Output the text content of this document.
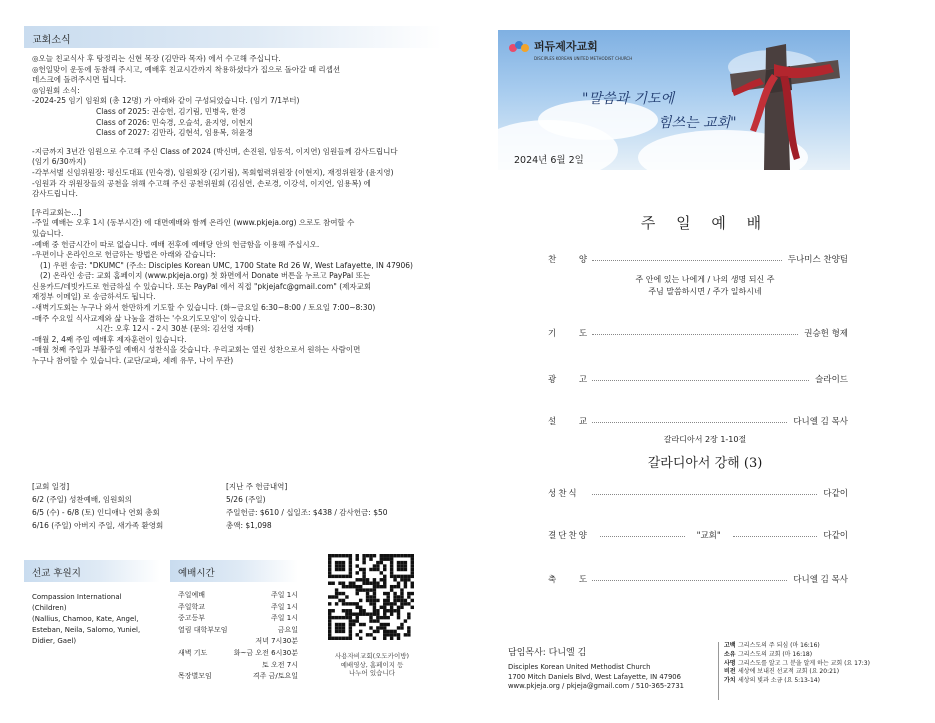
교회소식
◎오늘 친교식사 후 탕정리는 신현 목장 (김만라 목자) 에서 수고해 주십니다.
◎헌일맞이 운동에 동참해 주시고, 예배후 친교시간까지 착용하셨다가 집으로 돌아갈 때 리셉션
데스크에 돌려주시면 됩니다.
◎임원회 소식:
-2024-25 임기 임원회 (총 12명) 가 아래와 같이 구성되었습니다. (임기 7/1부터)
Class of 2025: 권승헌, 김기림, 민병욱, 한경
Class of 2026: 민숙경, 오슬석, 윤지영, 이현지
Class of 2027: 김만라, 김현석, 임용복, 허윤경
-지금까지 3년간 임원으로 수고해 주신 Class of 2024 (박신며, 손진원, 임동석, 이지연) 임원들께 감사드립니다
(임기 6/30까지)
-각부서별 신임위원장: 평신도대표 (민숙경), 임원회장 (김기림), 목회협력위원장 (이현지), 재정위원장 (윤지영)
-임원과 각 위원장들의 공천을 위해 수고해 주신 공천위원회 (김심연, 손로경, 이강석, 이지연, 임용복) 에
감사드립니다.
[우리교회는…]
-주일 예배는 오후 1시 (동부시간) 에 대면예배와 함께 온라인 (www.pkjeja.org) 으로도 참여할 수
있습니다.
-예배 중 헌금시간이 따로 없습니다. 예배 전후에 예배당 안의 헌금함을 이용해 주십시오.
-우편이나 온라인으로 헌금하는 방법은 아래와 같습니다:
(1) 우편 송금: "DKUMC" (주소: Disciples Korean UMC, 1700 State Rd 26 W, West Lafayette, IN 47906)
(2) 온라인 송금: 교회 홈페이지 (www.pkjeja.org) 첫 화면에서 Donate 버튼을 누르고 PayPal 또는
신용카드/데빗카드로 헌금하실 수 있습니다. 또는 PayPal 에서 직접 "pkjejafc@gmail.com" (제자교회
재정부 이메일) 로 송금하셔도 됩니다.
-새벽기도회는 누구나 와서 한만하게 기도할 수 있습니다. (화~금요일 6:30~8:00 / 토요일 7:00~8:30)
-매주 수요일 식사교제와 삶 나눔을 겸하는 '수요기도모임'이 있습니다.
시간: 오후 12시 - 2시 30분 (문의: 김선영 자매)
-매월 2, 4째 주일 예배후 제자훈련이 있습니다.
-매월 첫째 주일과 부활주일 예배시 성찬식을 갖습니다. 우리교회는 열린 성찬으로서 원하는 사람이면
누구나 참여할 수 있습니다. (교단/교파, 세례 유무, 나이 무관)
[교회 일정]
6/2 (주일) 성찬예배, 임원회의
6/5 (수) - 6/8 (토) 인디애나 연회 총회
6/16 (주일) 아버지 주일, 새가족 환영회
[지난 주 헌금내역]
5/26 (주일)
주일헌금: $610 / 십일조: $438 / 감사헌금: $50
총액: $1,098
선교 후원지
Compassion International
(Children)
(Nallius, Chamoo, Kate, Angel,
Esteban, Neila, Salomo, Yuniel,
Didier, Gael)
예배시간
주일예배	주일 1시
주일학교	주일 1시
중고등부	주일 1시
열림 대학부모임	금요일
	저녁 7시30분
새벽 기도	화~금 오전 6시30분
	토 오전 7시
목장별모임	격주 금/토요일
사용자비교회(오도카이방)
예배영상, 홈페이지 등
나누어 있습니다
퍼듀제자교회
DISCIPLES KOREAN UNITED METHODIST CHURCH
"말씀과 기도에
힘쓰는 교회"
2024년 6월 2일
주 일 예 배
찬 양	두나미스 찬양팀
주 안에 있는 나에게 / 나의 생명 되신 주
주님 말씀하시면 / 주가 일하시네
기 도	권승헌 형제
광 고	슬라이드
설 교	다니엘 김 목사
갈라디아서 2장 1-10절
갈라디아서 강해 (3)
성찬식	다같이
결단찬양	"교회"	다같이
축 도	다니엘 김 목사
담임목사: 다니엘 김
Disciples Korean United Methodist Church
1700 Mitch Daniels Blvd, West Lafayette, IN 47906
www.pkjeja.org / pkjeja@gmail.com / 510-365-2731
고백 그리스도의 주 되심 (마 16:16)
소유 그리스도의 교회 (마 16:18)
사명 그리스도를 알고 그 분을 알게 하는 교회 (요 17:3)
비전 세상에 보내진 선교적 교회 (요 20:21)
가치 세상의 빛과 소금 (요 5:13-14)
